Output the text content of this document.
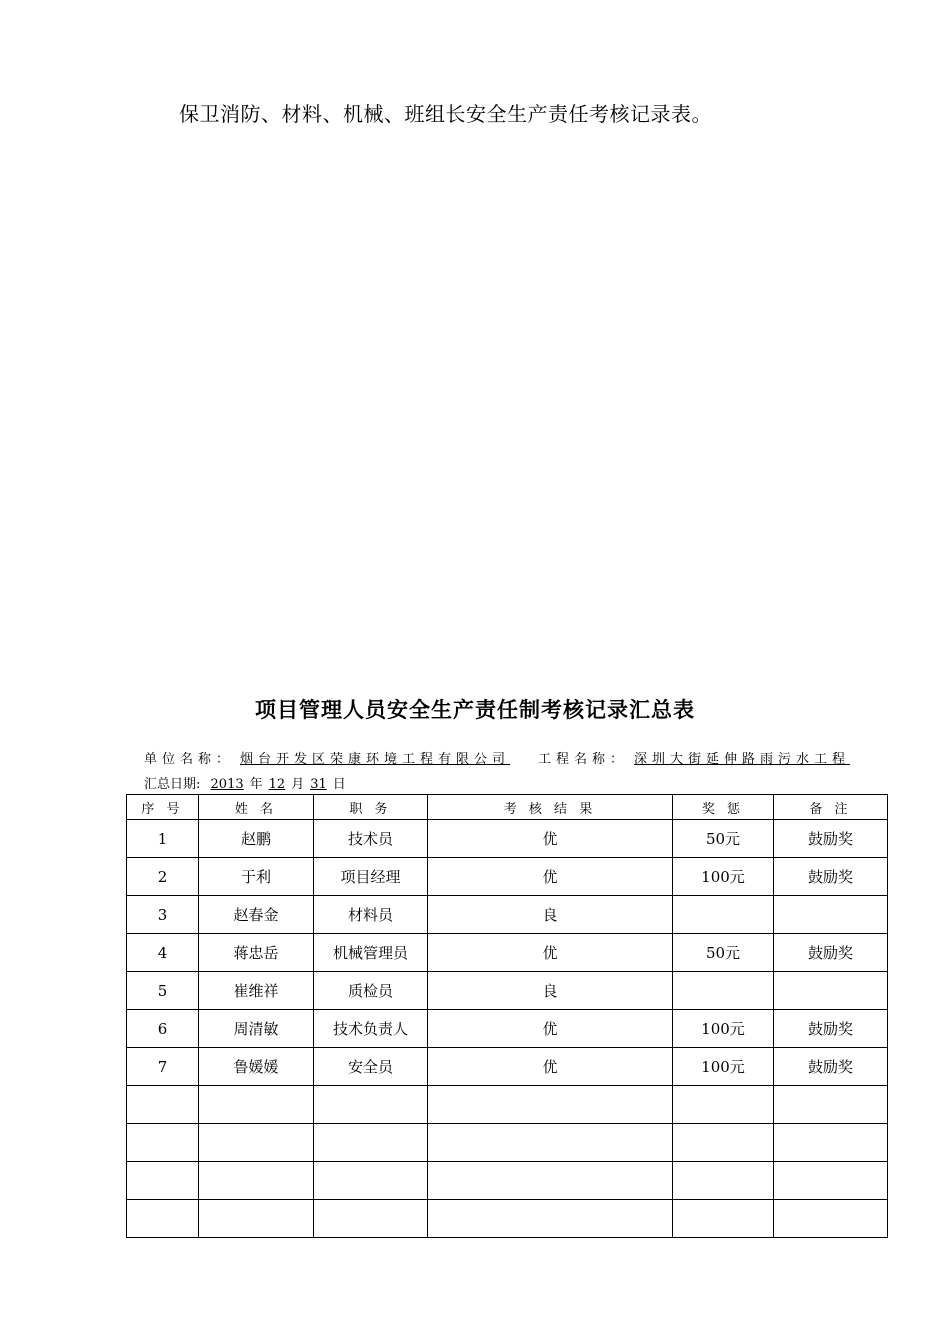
保卫消防、材料、机械、班组长安全生产责任考核记录表。
项目管理人员安全生产责任制考核记录汇总表
单位名称： 烟台开发区荣康环境工程有限公司 工程名称： 深圳大街延伸路雨污水工程
汇总日期: 2013 年 12 月 31 日
序 号	姓 名	职 务	考 核 结 果	奖 惩	备 注
1	赵鹏	技术员	优	50元	鼓励奖
2	于利	项目经理	优	100元	鼓励奖
3	赵春金	材料员	良		
4	蒋忠岳	机械管理员	优	50元	鼓励奖
5	崔维祥	质检员	良		
6	周清敏	技术负责人	优	100元	鼓励奖
7	鲁媛媛	安全员	优	100元	鼓励奖
